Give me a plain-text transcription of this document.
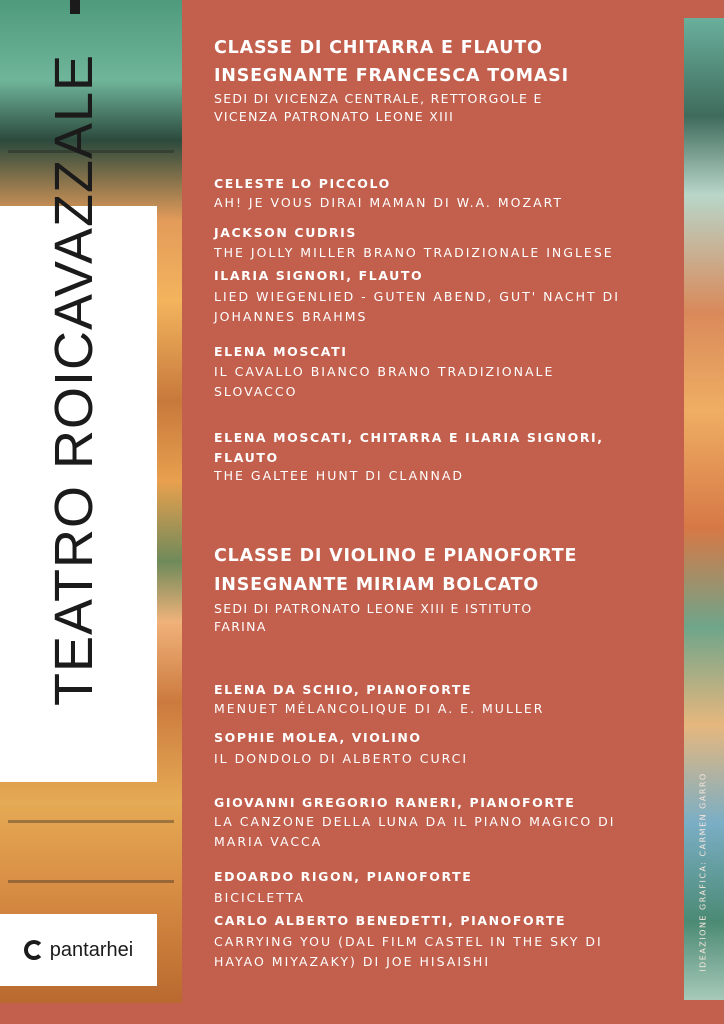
TEATRO ROICAVAZZALE
pantarhei	IDEAZIONE GRAFICA: CARMEN GARRO
CLASSE DI CHITARRA E FLAUTO
INSEGNANTE FRANCESCA TOMASI
SEDI DI VICENZA CENTRALE, RETTORGOLE E
VICENZA PATRONATO LEONE XIII
CELESTE LO PICCOLO
AH! JE VOUS DIRAI MAMAN DI W.A. MOZART
JACKSON CUDRIS
THE JOLLY MILLER BRANO TRADIZIONALE INGLESE
ILARIA SIGNORI, FLAUTO
LIED WIEGENLIED - GUTEN ABEND, GUT' NACHT DI
JOHANNES BRAHMS
ELENA MOSCATI
IL CAVALLO BIANCO BRANO TRADIZIONALE
SLOVACCO
ELENA MOSCATI, CHITARRA E ILARIA SIGNORI,
FLAUTO
THE GALTEE HUNT DI CLANNAD
CLASSE DI VIOLINO E PIANOFORTE
INSEGNANTE MIRIAM BOLCATO
SEDI DI PATRONATO LEONE XIII E ISTITUTO
FARINA
ELENA DA SCHIO, PIANOFORTE
MENUET MÉLANCOLIQUE DI A. E. MULLER
SOPHIE MOLEA, VIOLINO
IL DONDOLO DI ALBERTO CURCI
GIOVANNI GREGORIO RANERI, PIANOFORTE
LA CANZONE DELLA LUNA DA IL PIANO MAGICO DI
MARIA VACCA
EDOARDO RIGON, PIANOFORTE
BICICLETTA
CARLO ALBERTO BENEDETTI, PIANOFORTE
CARRYING YOU (DAL FILM CASTEL IN THE SKY DI
HAYAO MIYAZAKY) DI JOE HISAISHI
